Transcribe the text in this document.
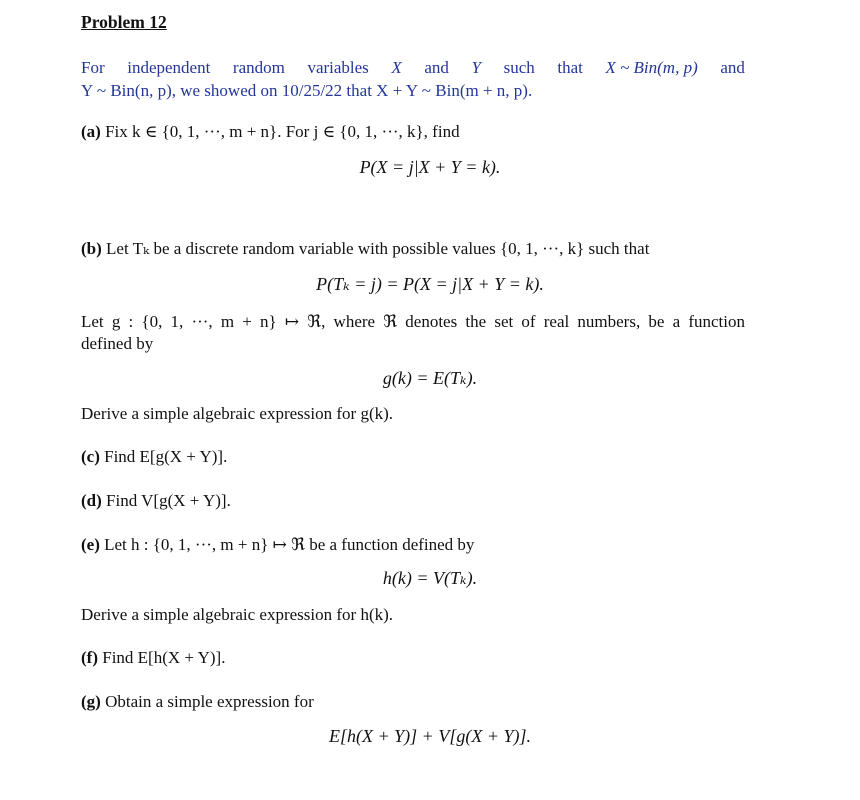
Problem 12
For independent random variables X and Y such that X ~ Bin(m, p) and
Y ~ Bin(n, p), we showed on 10/25/22 that X + Y ~ Bin(m + n, p).
(a) Fix k ∈ {0, 1, ···, m + n}. For j ∈ {0, 1, ···, k}, find
P(X = j|X + Y = k).
(b) Let Tₖ be a discrete random variable with possible values {0, 1, ···, k} such that
P(Tₖ = j) = P(X = j|X + Y = k).
Let g : {0, 1, ···, m + n} ↦ ℜ, where ℜ denotes the set of real numbers, be a function
defined by
g(k) = E(Tₖ).
Derive a simple algebraic expression for g(k).
(c) Find E[g(X + Y)].
(d) Find V[g(X + Y)].
(e) Let h : {0, 1, ···, m + n} ↦ ℜ be a function defined by
h(k) = V(Tₖ).
Derive a simple algebraic expression for h(k).
(f) Find E[h(X + Y)].
(g) Obtain a simple expression for
E[h(X + Y)] + V[g(X + Y)].
